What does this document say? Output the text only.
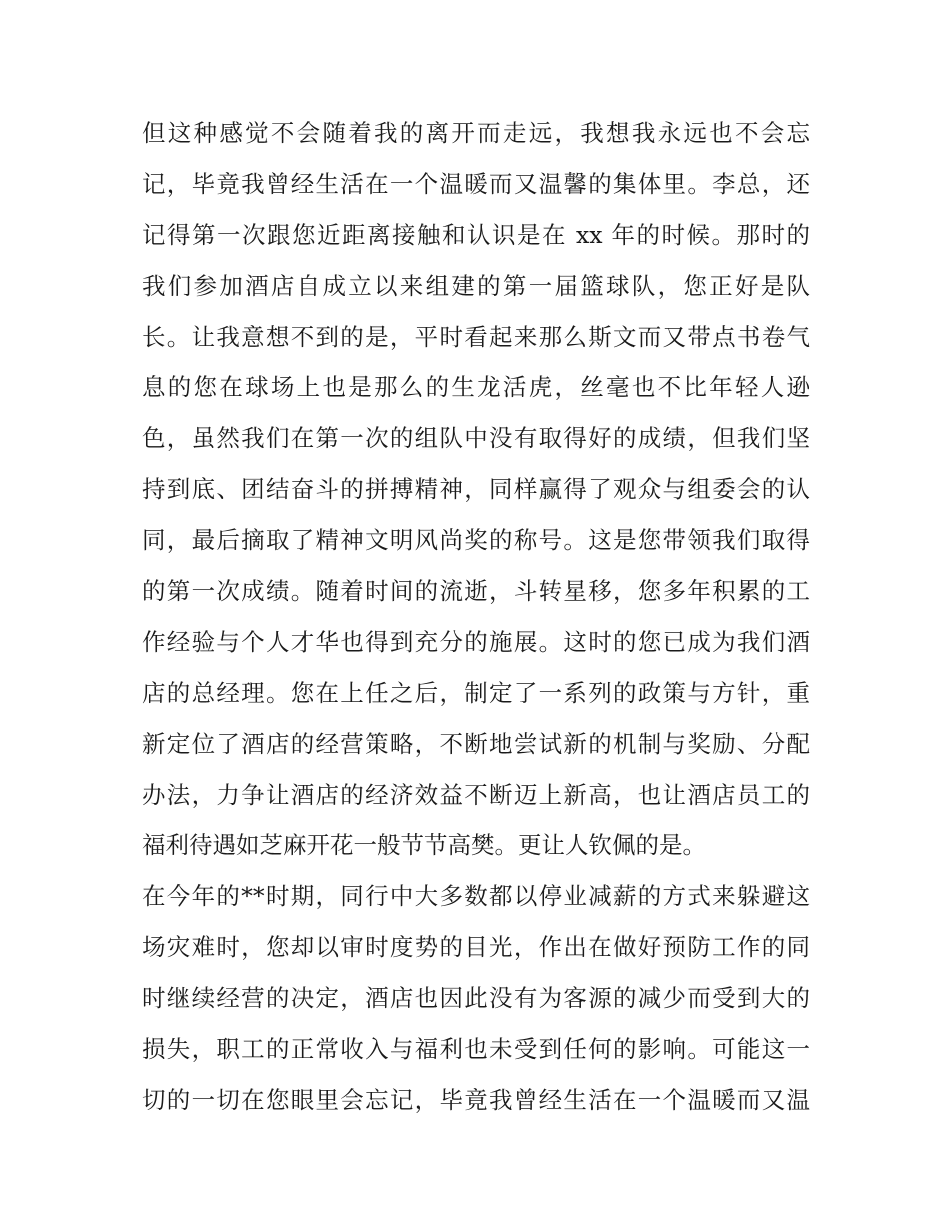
但这种感觉不会随着我的离开而走远，我想我永远也不会忘
记，毕竟我曾经生活在一个温暖而又温馨的集体里。李总，还
记得第一次跟您近距离接触和认识是在 xx 年的时候。那时的
我们参加酒店自成立以来组建的第一届篮球队，您正好是队
长。让我意想不到的是，平时看起来那么斯文而又带点书卷气
息的您在球场上也是那么的生龙活虎，丝毫也不比年轻人逊
色，虽然我们在第一次的组队中没有取得好的成绩，但我们坚
持到底、团结奋斗的拼搏精神，同样赢得了观众与组委会的认
同，最后摘取了精神文明风尚奖的称号。这是您带领我们取得
的第一次成绩。随着时间的流逝，斗转星移，您多年积累的工
作经验与个人才华也得到充分的施展。这时的您已成为我们酒
店的总经理。您在上任之后，制定了一系列的政策与方针，重
新定位了酒店的经营策略，不断地尝试新的机制与奖励、分配
办法，力争让酒店的经济效益不断迈上新高，也让酒店员工的
福利待遇如芝麻开花一般节节高樊。更让人钦佩的是。
在今年的**时期，同行中大多数都以停业减薪的方式来躲避这
场灾难时，您却以审时度势的目光，作出在做好预防工作的同
时继续经营的决定，酒店也因此没有为客源的减少而受到大的
损失，职工的正常收入与福利也未受到任何的影响。可能这一
切的一切在您眼里会忘记，毕竟我曾经生活在一个温暖而又温
